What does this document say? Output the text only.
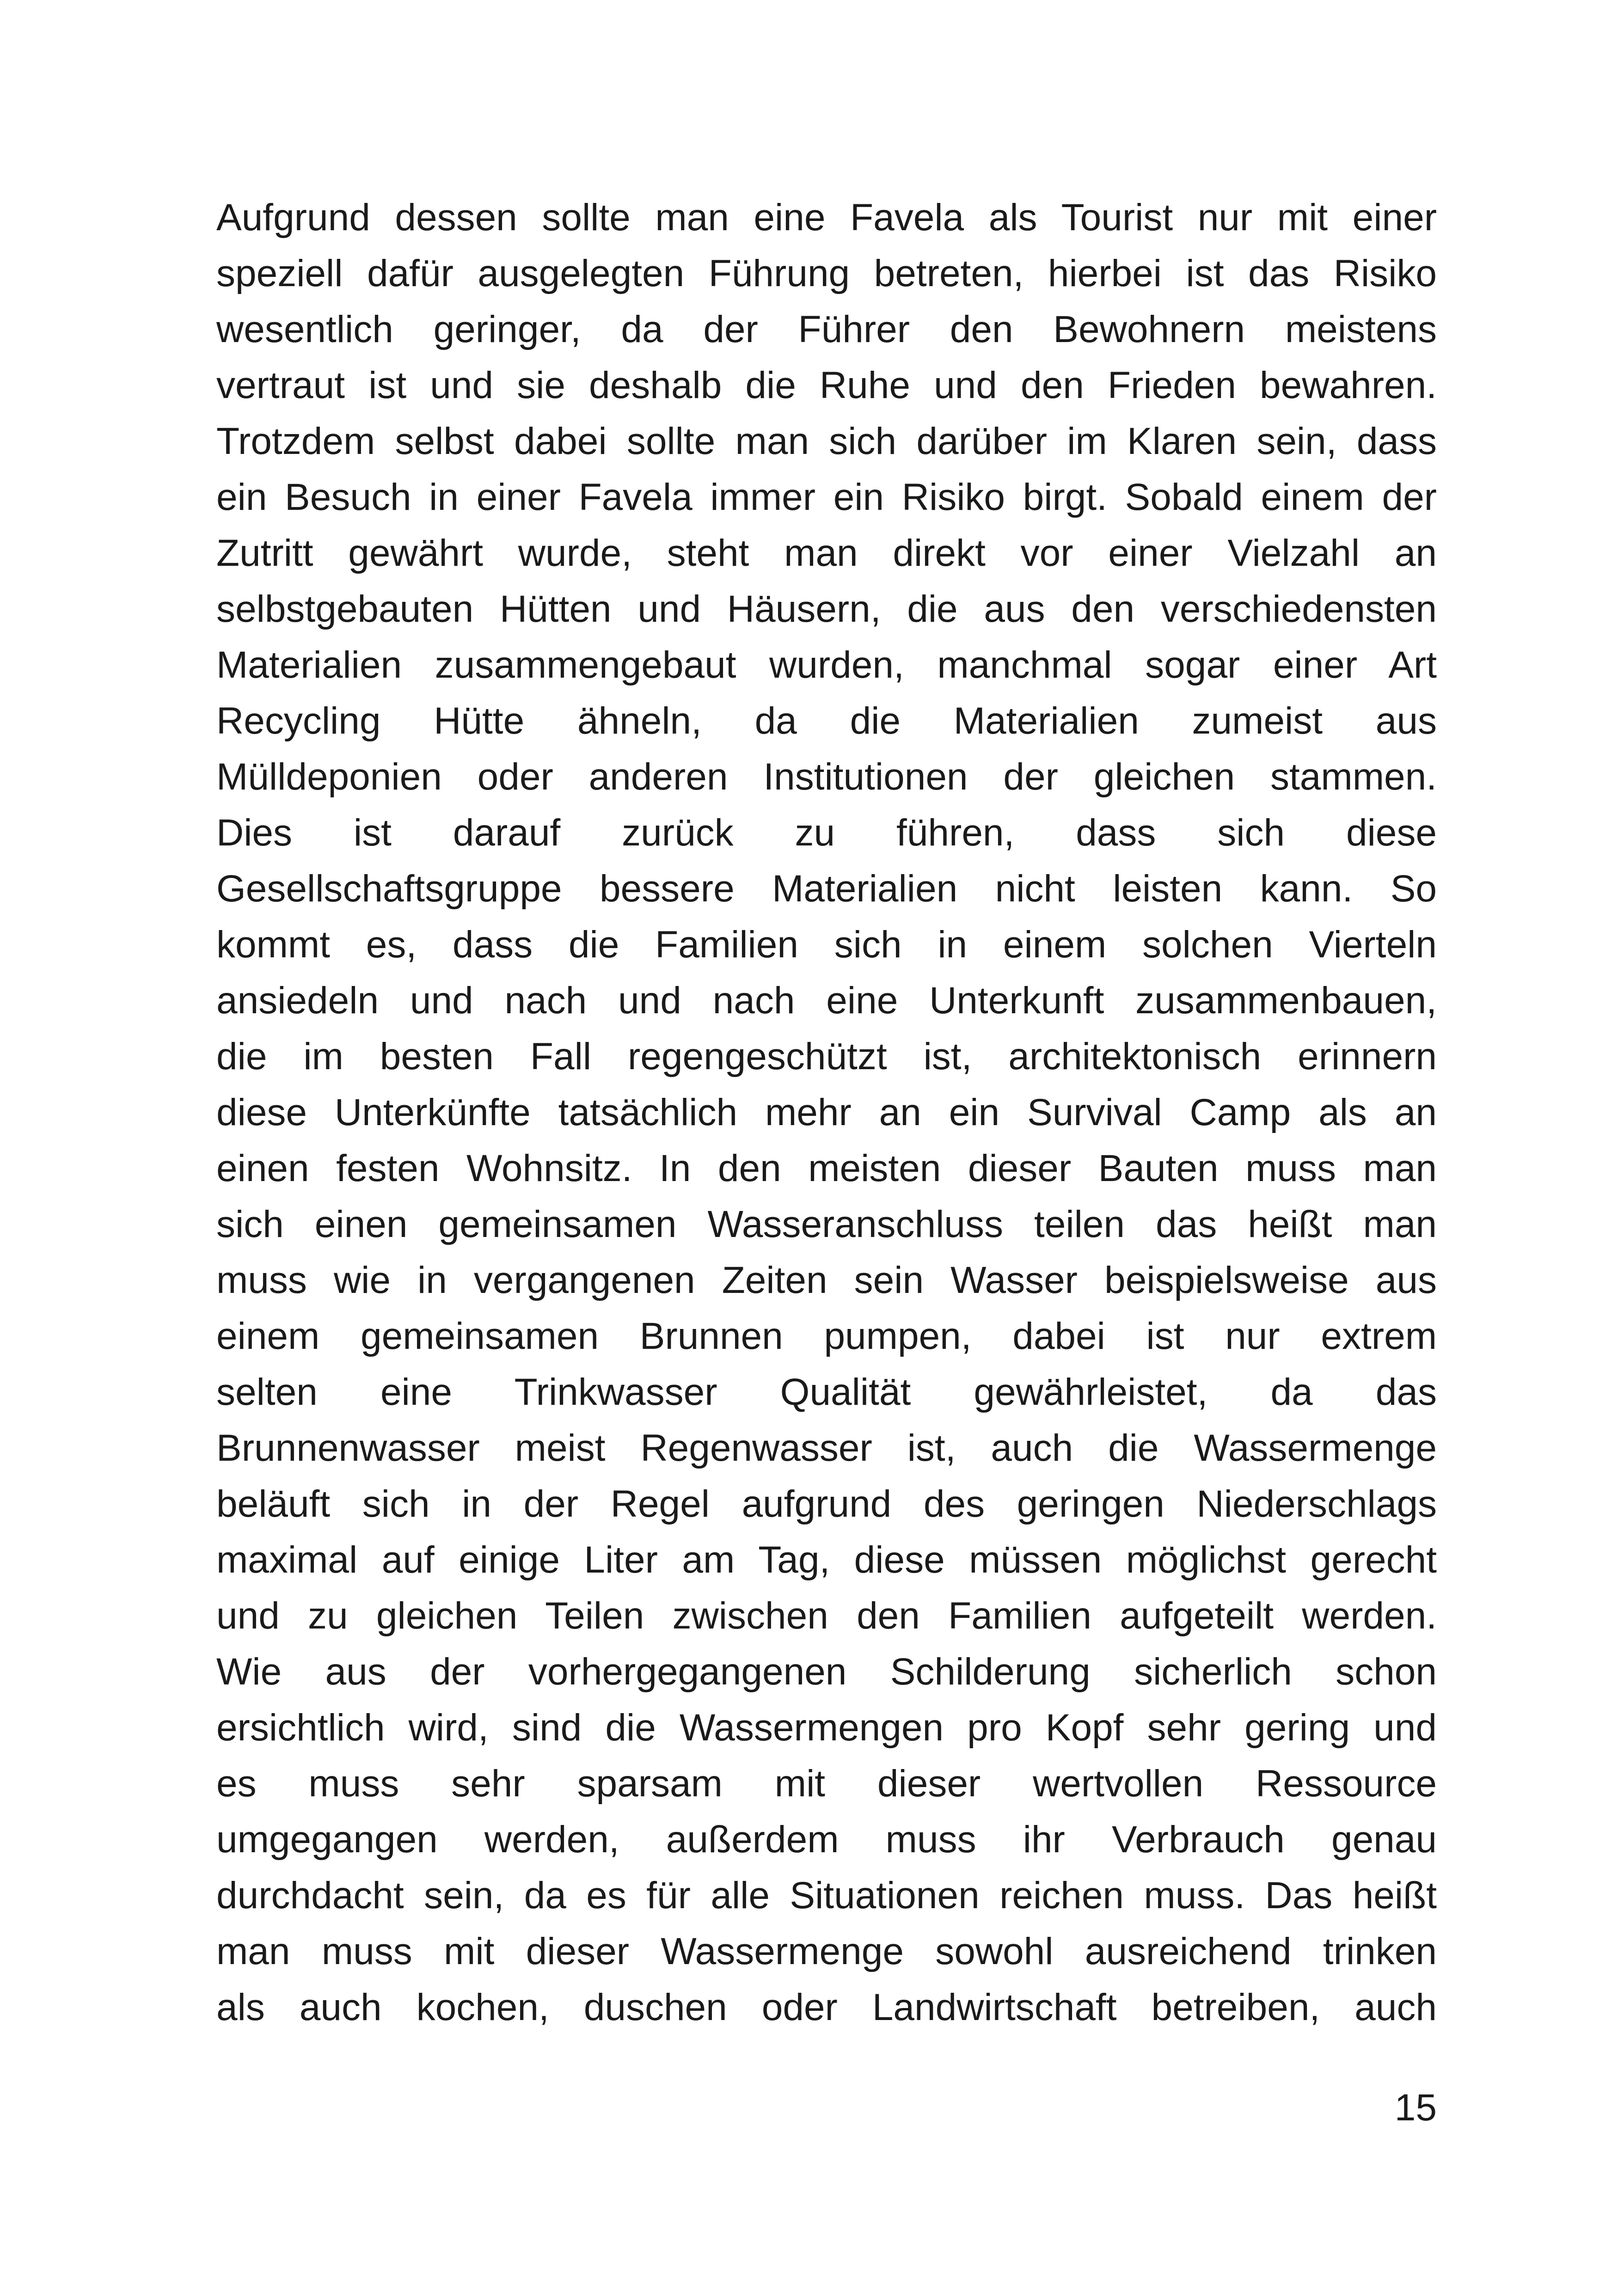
Aufgrund dessen sollte man eine Favela als Tourist nur mit einer
speziell dafür ausgelegten Führung betreten, hierbei ist das Risiko
wesentlich geringer, da der Führer den Bewohnern meistens
vertraut ist und sie deshalb die Ruhe und den Frieden bewahren.
Trotzdem selbst dabei sollte man sich darüber im Klaren sein, dass
ein Besuch in einer Favela immer ein Risiko birgt. Sobald einem der
Zutritt gewährt wurde, steht man direkt vor einer Vielzahl an
selbstgebauten Hütten und Häusern, die aus den verschiedensten
Materialien zusammengebaut wurden, manchmal sogar einer Art
Recycling Hütte ähneln, da die Materialien zumeist aus
Mülldeponien oder anderen Institutionen der gleichen stammen.
Dies ist darauf zurück zu führen, dass sich diese
Gesellschaftsgruppe bessere Materialien nicht leisten kann. So
kommt es, dass die Familien sich in einem solchen Vierteln
ansiedeln und nach und nach eine Unterkunft zusammenbauen,
die im besten Fall regengeschützt ist, architektonisch erinnern
diese Unterkünfte tatsächlich mehr an ein Survival Camp als an
einen festen Wohnsitz. In den meisten dieser Bauten muss man
sich einen gemeinsamen Wasseranschluss teilen das heißt man
muss wie in vergangenen Zeiten sein Wasser beispielsweise aus
einem gemeinsamen Brunnen pumpen, dabei ist nur extrem
selten eine Trinkwasser Qualität gewährleistet, da das
Brunnenwasser meist Regenwasser ist, auch die Wassermenge
beläuft sich in der Regel aufgrund des geringen Niederschlags
maximal auf einige Liter am Tag, diese müssen möglichst gerecht
und zu gleichen Teilen zwischen den Familien aufgeteilt werden.
Wie aus der vorhergegangenen Schilderung sicherlich schon
ersichtlich wird, sind die Wassermengen pro Kopf sehr gering und
es muss sehr sparsam mit dieser wertvollen Ressource
umgegangen werden, außerdem muss ihr Verbrauch genau
durchdacht sein, da es für alle Situationen reichen muss. Das heißt
man muss mit dieser Wassermenge sowohl ausreichend trinken
als auch kochen, duschen oder Landwirtschaft betreiben, auch
15
